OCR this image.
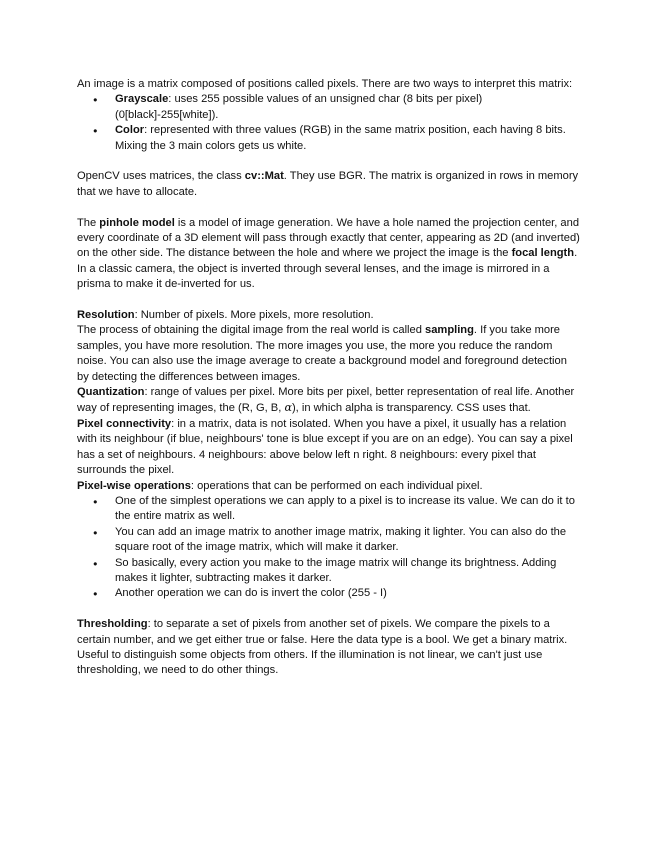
An image is a matrix composed of positions called pixels. There are two ways to interpret this matrix:

● Grayscale: uses 255 possible values of an unsigned char (8 bits per pixel) (0[black]-255[white]).
● Color: represented with three values (RGB) in the same matrix position, each having 8 bits. Mixing the 3 main colors gets us white.

OpenCV uses matrices, the class cv::Mat. They use BGR. The matrix is organized in rows in memory that we have to allocate.

The pinhole model is a model of image generation. We have a hole named the projection center, and every coordinate of a 3D element will pass through exactly that center, appearing as 2D (and inverted) on the other side. The distance between the hole and where we project the image is the focal length.

In a classic camera, the object is inverted through several lenses, and the image is mirrored in a prisma to make it de-inverted for us.

Resolution: Number of pixels. More pixels, more resolution.

The process of obtaining the digital image from the real world is called sampling. If you take more samples, you have more resolution. The more images you use, the more you reduce the random noise. You can also use the image average to create a background model and foreground detection by detecting the differences between images.

Quantization: range of values per pixel. More bits per pixel, better representation of real life. Another way of representing images, the (R, G, B, α), in which alpha is transparency. CSS uses that.

Pixel connectivity: in a matrix, data is not isolated. When you have a pixel, it usually has a relation with its neighbour (if blue, neighbours' tone is blue except if you are on an edge). You can say a pixel has a set of neighbours. 4 neighbours: above below left n right. 8 neighbours: every pixel that surrounds the pixel.

Pixel-wise operations: operations that can be performed on each individual pixel.

● One of the simplest operations we can apply to a pixel is to increase its value. We can do it to the entire matrix as well.
● You can add an image matrix to another image matrix, making it lighter. You can also do the square root of the image matrix, which will make it darker.
● So basically, every action you make to the image matrix will change its brightness. Adding makes it lighter, subtracting makes it darker.
● Another operation we can do is invert the color (255 - I)

Thresholding: to separate a set of pixels from another set of pixels. We compare the pixels to a certain number, and we get either true or false. Here the data type is a bool. We get a binary matrix. Useful to distinguish some objects from others. If the illumination is not linear, we can't just use thresholding, we need to do other things.
